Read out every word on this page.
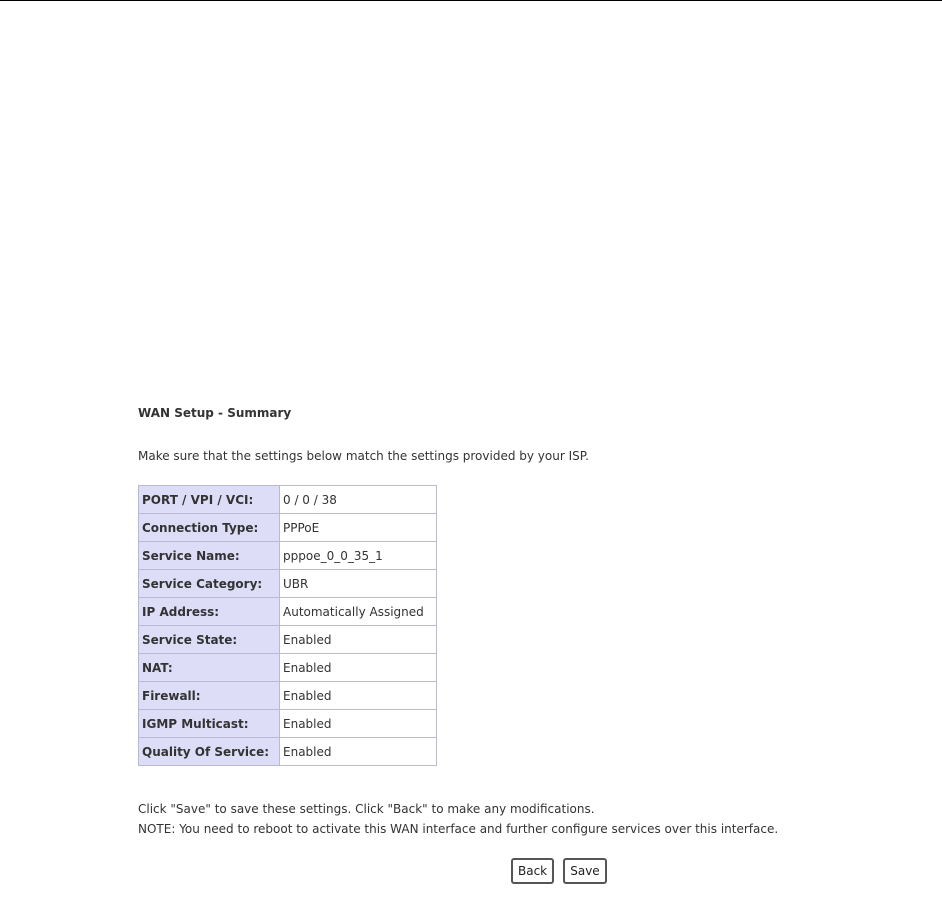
WAN Setup - Summary
Make sure that the settings below match the settings provided by your ISP.
PORT / VPI / VCI:	0 / 0 / 38
Connection Type:	PPPoE
Service Name:	pppoe_0_0_35_1
Service Category:	UBR
IP Address:	Automatically Assigned
Service State:	Enabled
NAT:	Enabled
Firewall:	Enabled
IGMP Multicast:	Enabled
Quality Of Service:	Enabled
Click "Save" to save these settings. Click "Back" to make any modifications.
NOTE: You need to reboot to activate this WAN interface and further configure services over this interface.
Back Save
